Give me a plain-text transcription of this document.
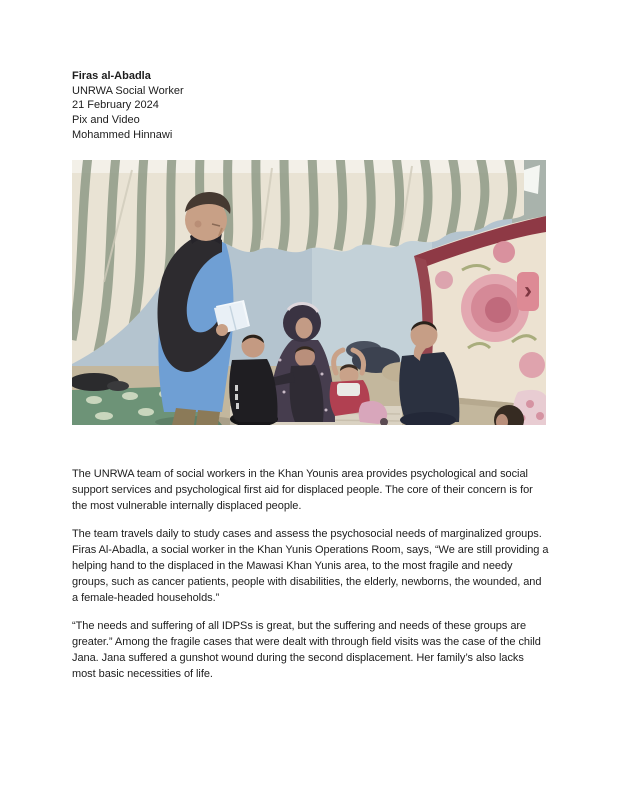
Firas al-Abadla

UNRWA Social Worker

21 February 2024

Pix and Video

Mohammed Hinnawi

›

The UNRWA team of social workers in the Khan Younis area provides psychological and social support services and psychological first aid for displaced people. The core of their concern is for the most vulnerable internally displaced people.

The team travels daily to study cases and assess the psychosocial needs of marginalized groups. Firas Al-Abadla, a social worker in the Khan Yunis Operations Room, says, “We are still providing a helping hand to the displaced in the Mawasi Khan Yunis area, to the most fragile and needy groups, such as cancer patients, people with disabilities, the elderly, newborns, the wounded, and a female-headed households.”

“The needs and suffering of all IDPSs is great, but the suffering and needs of these groups are greater.” Among the fragile cases that were dealt with through field visits was the case of the child Jana. Jana suffered a gunshot wound during the second displacement. Her family’s also lacks most basic necessities of life.
